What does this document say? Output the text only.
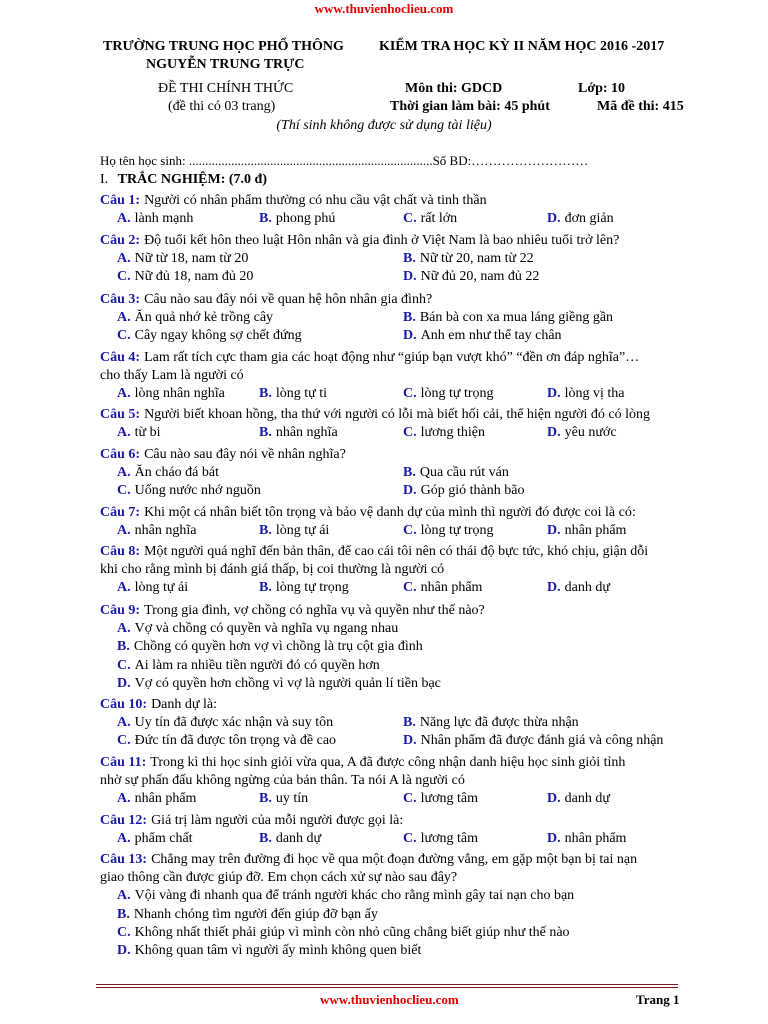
www.thuvienhoclieu.com
TRƯỜNG TRUNG HỌC PHỔ THÔNG
NGUYỄN TRUNG TRỰC
KIỂM TRA HỌC KỲ II NĂM HỌC 2016 -2017
ĐỀ THI CHÍNH THỨC
(đề thi có 03 trang)
Môn thi: GDCD	Lớp: 10
Thời gian làm bài: 45 phút	Mã đề thi: 415
(Thí sinh không được sử dụng tài liệu)
Họ tên học sinh: ...........................................................................Số BD:………………………
I. TRẮC NGHIỆM: (7.0 đ)
Câu 1: Người có nhân phẩm thường có nhu cầu vật chất và tinh thần
A. lành mạnh	B. phong phú	C. rất lớn	D. đơn giản
Câu 2: Độ tuổi kết hôn theo luật Hôn nhân và gia đình ở Việt Nam là bao nhiêu tuổi trở lên?
A. Nữ từ 18, nam từ 20	B. Nữ từ 20, nam từ 22
C. Nữ đủ 18, nam đủ 20	D. Nữ đủ 20, nam đủ 22
Câu 3: Câu nào sau đây nói về quan hệ hôn nhân gia đình?
A. Ăn quả nhớ kẻ trồng cây	B. Bán bà con xa mua láng giềng gần
C. Cây ngay không sợ chết đứng	D. Anh em như thể tay chân
Câu 4: Lam rất tích cực tham gia các hoạt động như “giúp bạn vượt khó” “đền ơn đáp nghĩa”…
cho thấy Lam là người có
A. lòng nhân nghĩa B. lòng tự ti	C. lòng tự trọng	D. lòng vị tha
Câu 5: Người biết khoan hồng, tha thứ với người có lỗi mà biết hối cải, thể hiện người đó có lòng
A. từ bi	B. nhân nghĩa	C. lương thiện	D. yêu nước
Câu 6: Câu nào sau đây nói về nhân nghĩa?
A. Ăn cháo đá bát	B. Qua cầu rút ván
C. Uống nước nhớ nguồn	D. Góp gió thành bão
Câu 7: Khi một cá nhân biết tôn trọng và bảo vệ danh dự của mình thì người đó được coi là có:
A. nhân nghĩa	B. lòng tự ái	C. lòng tự trọng	D. nhân phẩm
Câu 8: Một người quá nghĩ đến bản thân, để cao cái tôi nên có thái độ bực tức, khó chịu, giận dỗi
khi cho rằng mình bị đánh giá thấp, bị coi thường là người có
A. lòng tự ái	B. lòng tự trọng	C. nhân phẩm	D. danh dự
Câu 9: Trong gia đình, vợ chồng có nghĩa vụ và quyền như thế nào?
A. Vợ và chồng có quyền và nghĩa vụ ngang nhau
B. Chồng có quyền hơn vợ vì chồng là trụ cột gia đình
C. Ai làm ra nhiều tiền người đó có quyền hơn
D. Vợ có quyền hơn chồng vì vợ là người quản lí tiền bạc
Câu 10: Danh dự là:
A. Uy tín đã được xác nhận và suy tôn	B. Năng lực đã được thừa nhận
C. Đức tín đã được tôn trọng và đề cao	D. Nhân phẩm đã được đánh giá và công nhận
Câu 11: Trong kì thi học sinh giỏi vừa qua, A đã được công nhận danh hiệu học sinh giỏi tỉnh
nhờ sự phấn đấu không ngừng của bản thân. Ta nói A là người có
A. nhân phẩm	B. uy tín	C. lương tâm	D. danh dự
Câu 12: Giá trị làm người của mỗi người được gọi là:
A. phẩm chất	B. danh dự	C. lương tâm	D. nhân phẩm
Câu 13: Chẳng may trên đường đi học về qua một đoạn đường vắng, em gặp một bạn bị tai nạn
giao thông cần được giúp đỡ. Em chọn cách xử sự nào sau đây?
A. Vội vàng đi nhanh qua để tránh người khác cho rằng mình gây tai nạn cho bạn
B. Nhanh chóng tìm người đến giúp đỡ bạn ấy
C. Không nhất thiết phải giúp vì mình còn nhỏ cũng chẳng biết giúp như thế nào
D. Không quan tâm vì người ấy mình không quen biết
www.thuvienhoclieu.com	Trang 1
